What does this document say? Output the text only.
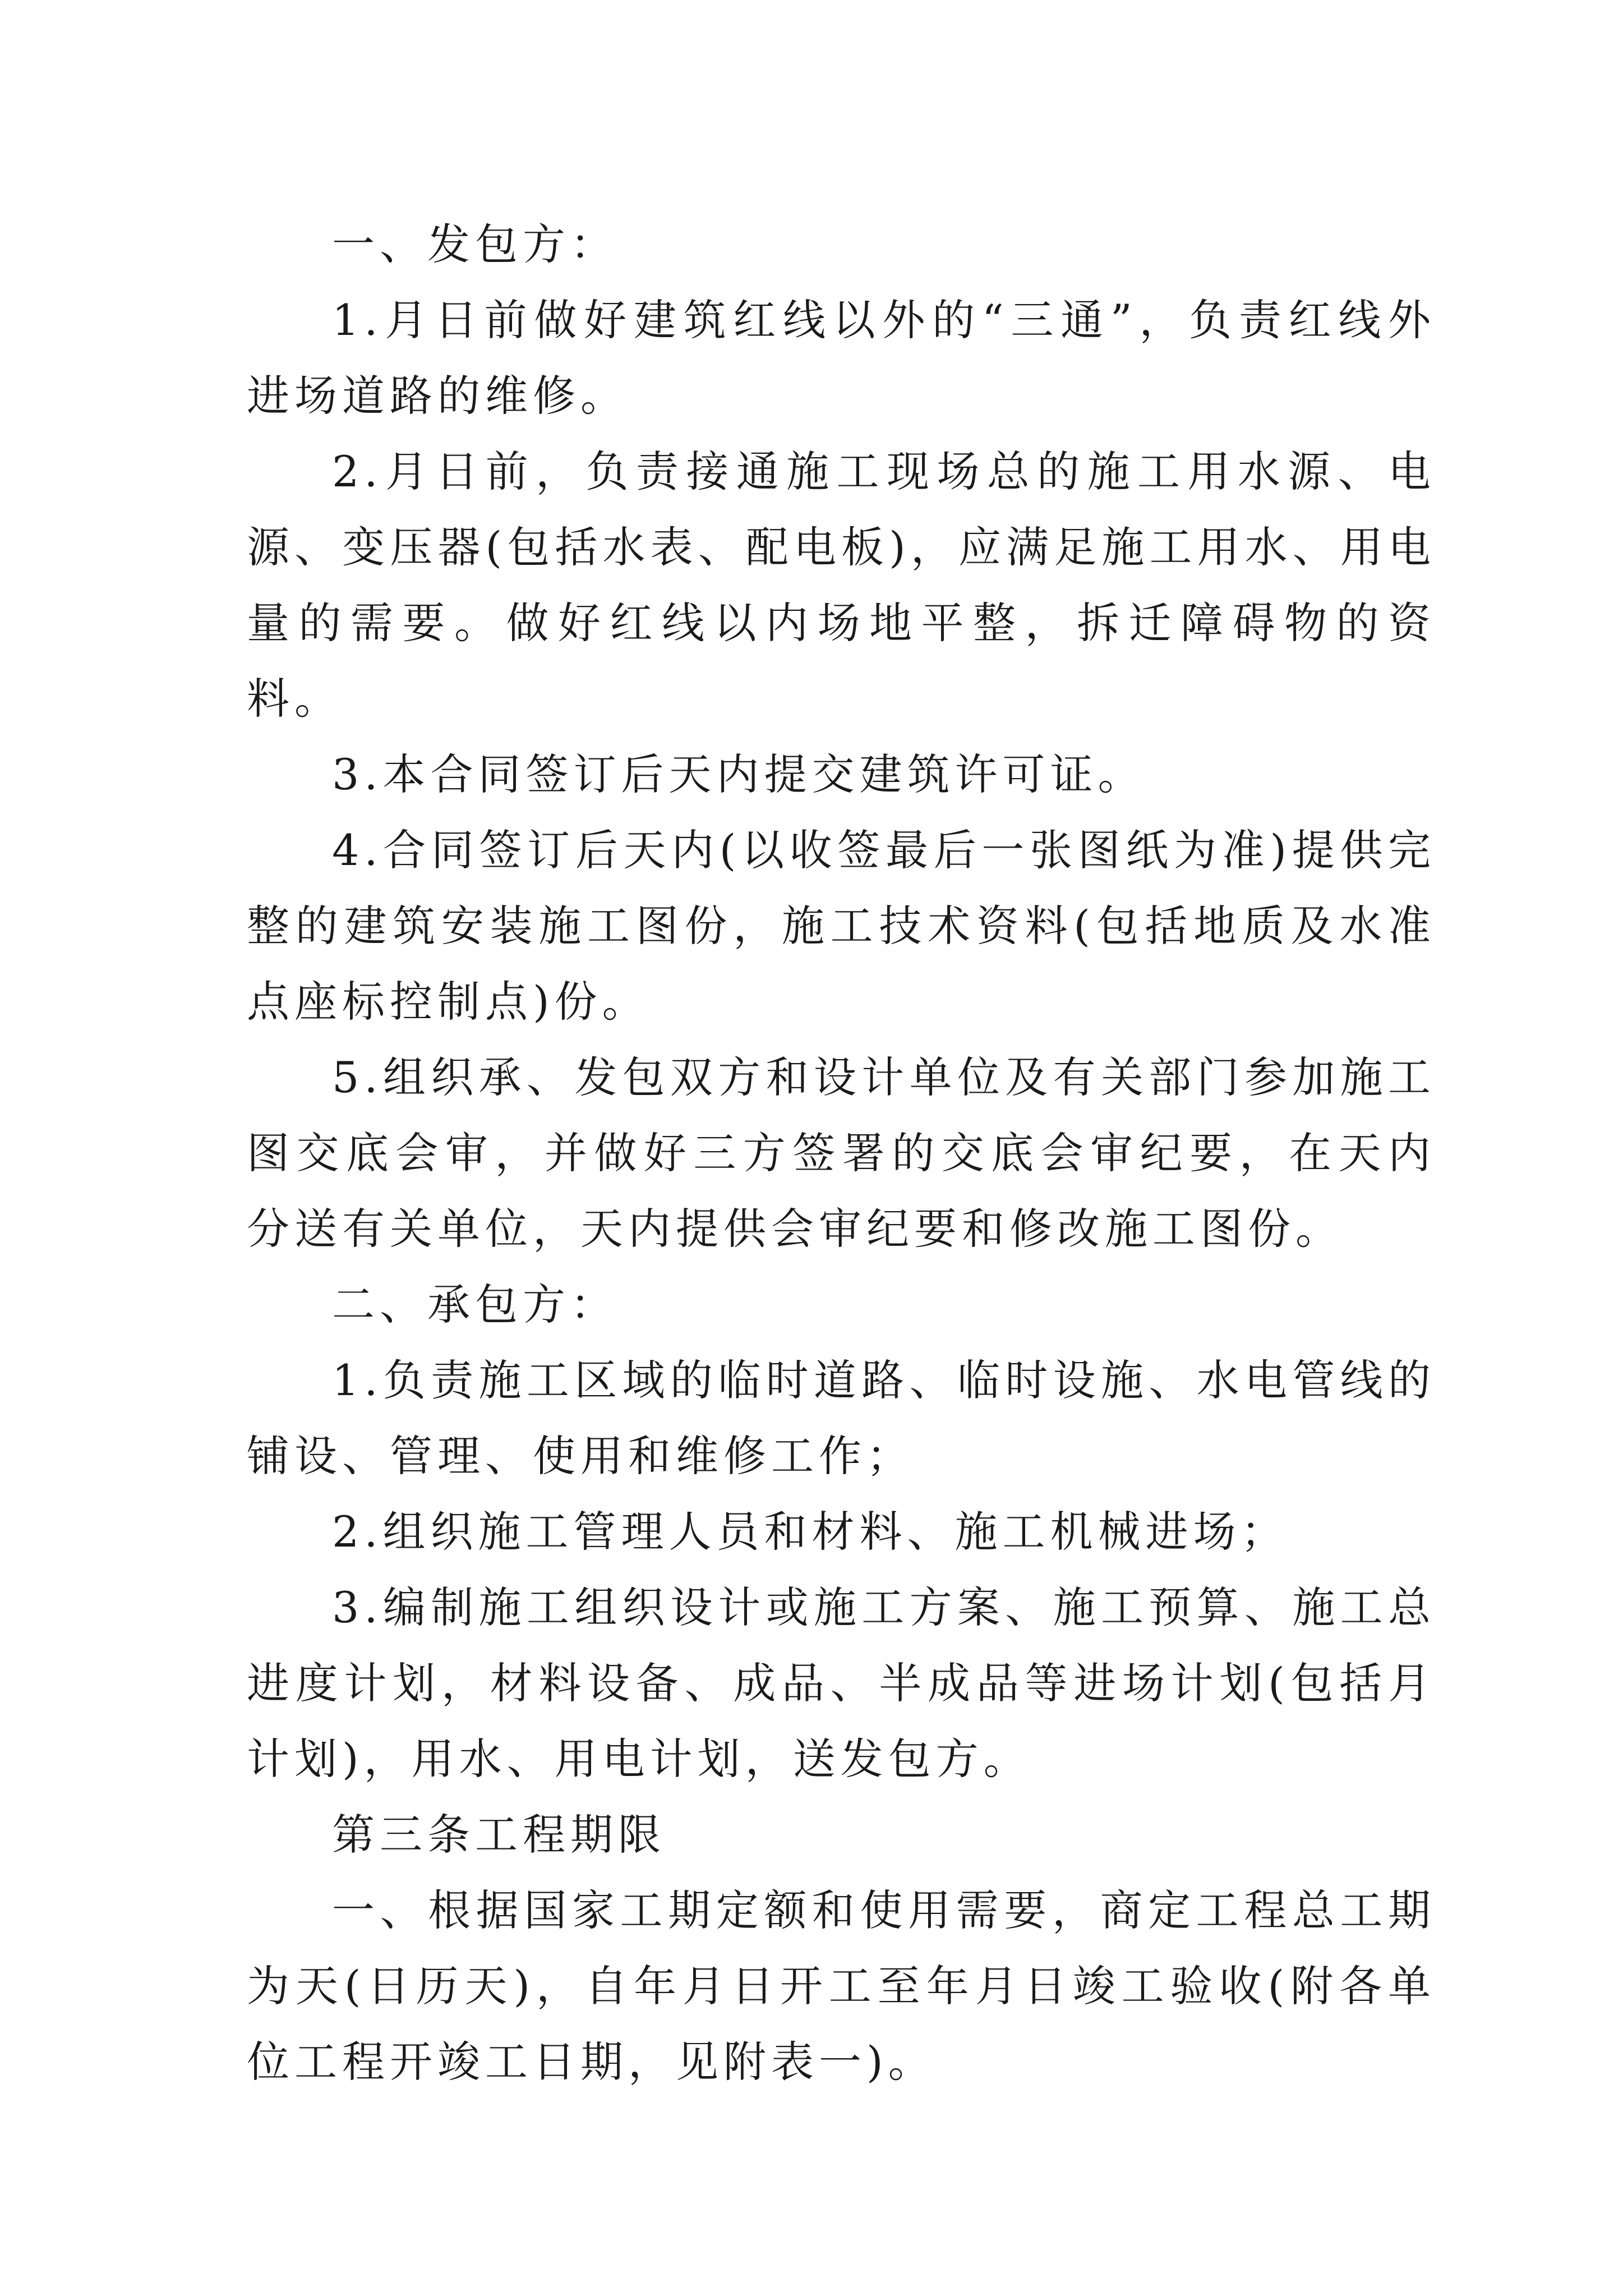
一、发包方：

1.月日前做好建筑红线以外的“三通”，负责红线外进场道路的维修。

2.月日前，负责接通施工现场总的施工用水源、电源、变压器(包括水表、配电板)，应满足施工用水、用电量的需要。做好红线以内场地平整，拆迁障碍物的资料。

3.本合同签订后天内提交建筑许可证。

4.合同签订后天内(以收签最后一张图纸为准)提供完整的建筑安装施工图份，施工技术资料(包括地质及水准点座标控制点)份。

5.组织承、发包双方和设计单位及有关部门参加施工图交底会审，并做好三方签署的交底会审纪要，在天内分送有关单位，天内提供会审纪要和修改施工图份。

二、承包方：

1.负责施工区域的临时道路、临时设施、水电管线的铺设、管理、使用和维修工作；

2.组织施工管理人员和材料、施工机械进场；

3.编制施工组织设计或施工方案、施工预算、施工总进度计划，材料设备、成品、半成品等进场计划(包括月计划)，用水、用电计划，送发包方。

第三条工程期限

一、根据国家工期定额和使用需要，商定工程总工期为天(日历天)，自年月日开工至年月日竣工验收(附各单位工程开竣工日期，见附表一)。
